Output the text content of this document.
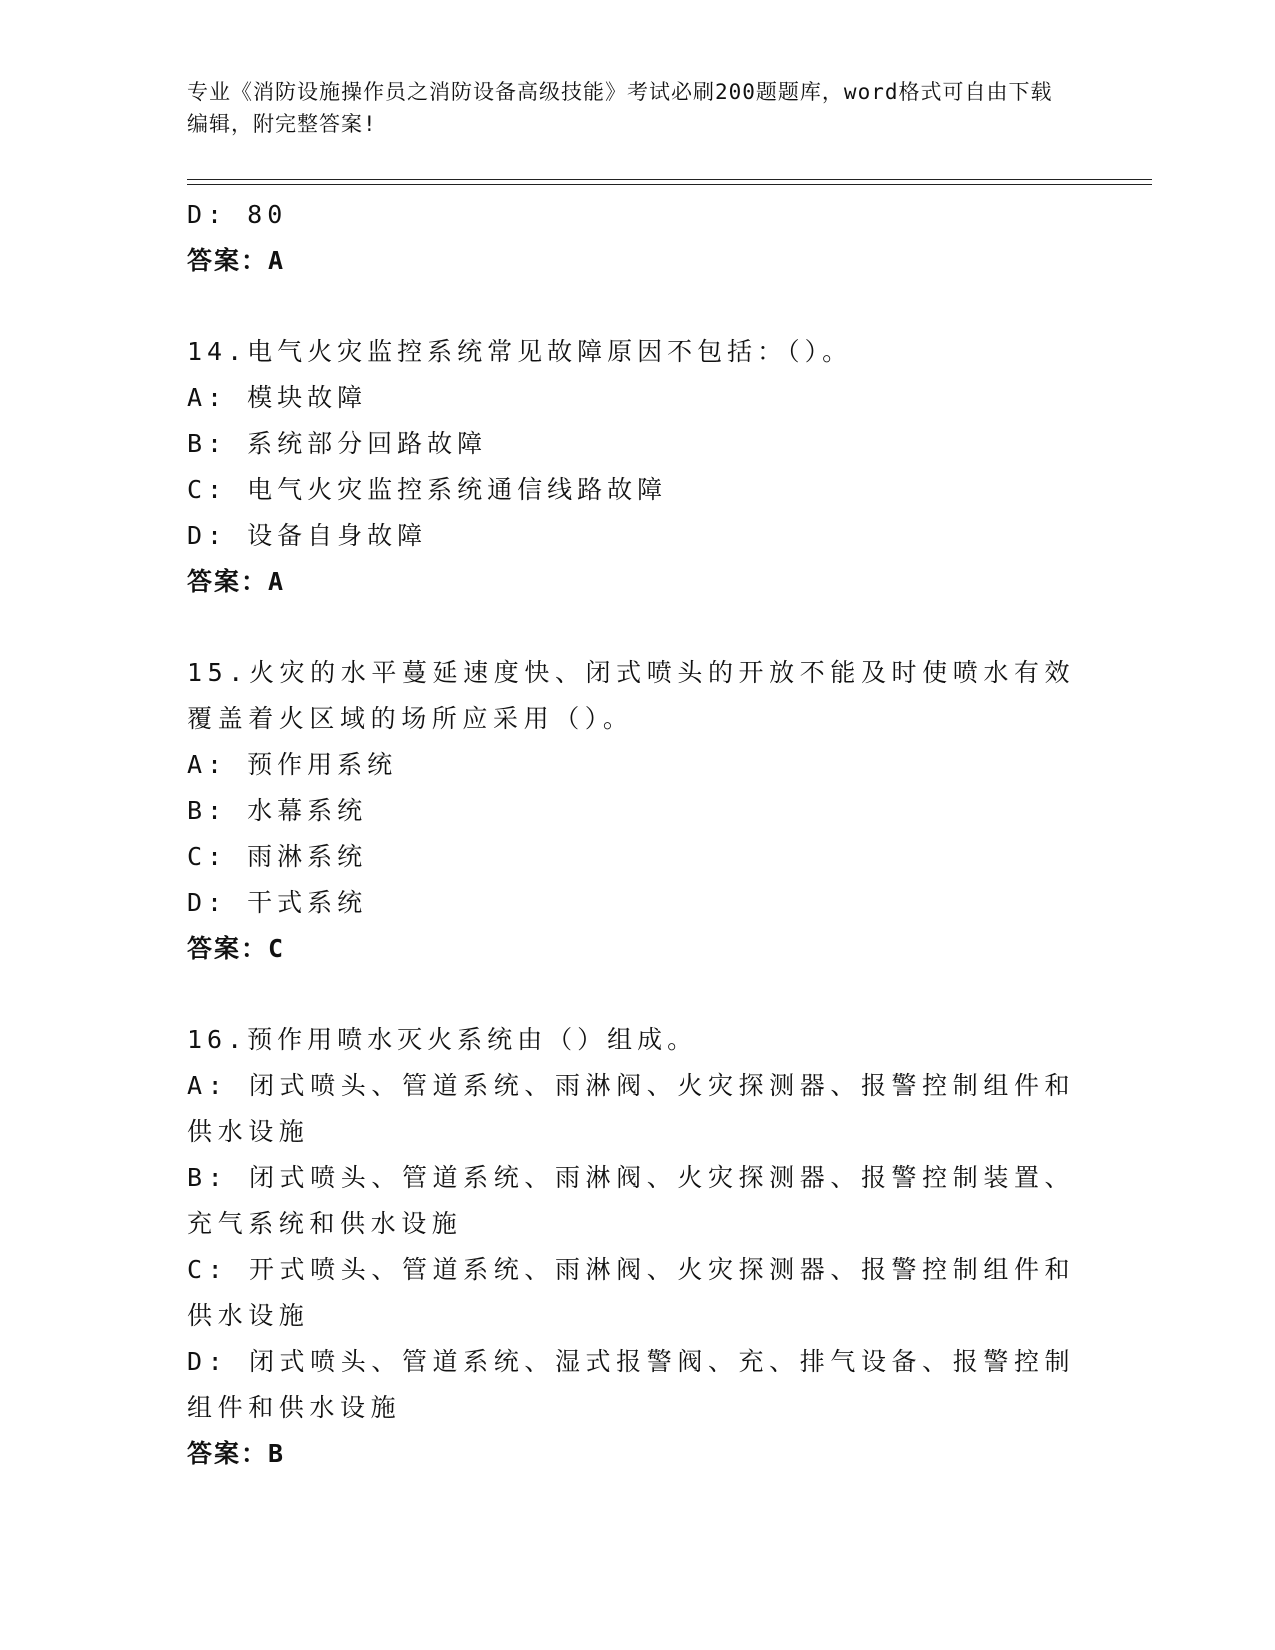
专业《消防设施操作员之消防设备高级技能》考试必刷200题题库，word格式可自由下载编辑，附完整答案!
D: 80
答案：A
14.电气火灾监控系统常见故障原因不包括：（）。
A: 模块故障
B: 系统部分回路故障
C: 电气火灾监控系统通信线路故障
D: 设备自身故障
答案：A
15.火灾的水平蔓延速度快、闭式喷头的开放不能及时使喷水有效覆盖着火区域的场所应采用（）。
A: 预作用系统
B: 水幕系统
C: 雨淋系统
D: 干式系统
答案：C
16.预作用喷水灭火系统由（）组成。
A: 闭式喷头、管道系统、雨淋阀、火灾探测器、报警控制组件和供水设施
B: 闭式喷头、管道系统、雨淋阀、火灾探测器、报警控制装置、充气系统和供水设施
C: 开式喷头、管道系统、雨淋阀、火灾探测器、报警控制组件和供水设施
D: 闭式喷头、管道系统、湿式报警阀、充、排气设备、报警控制组件和供水设施
答案：B
